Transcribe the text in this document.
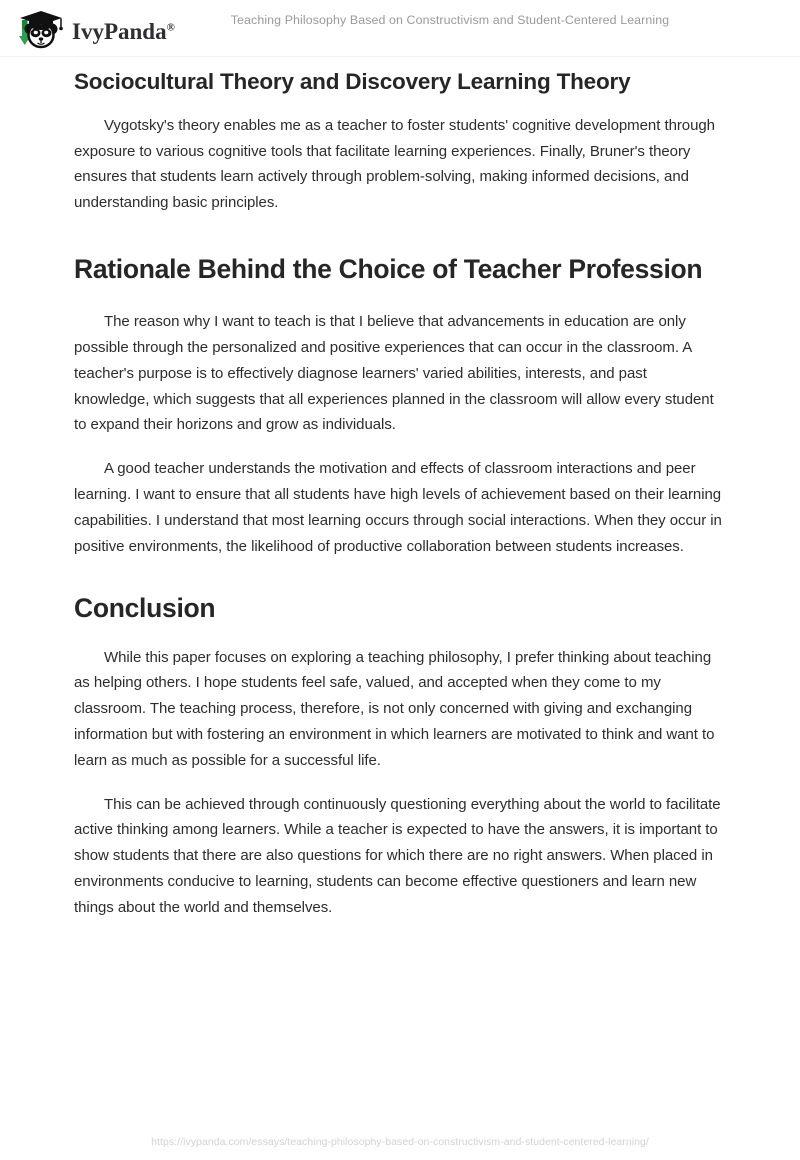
IvyPanda®	Teaching Philosophy Based on Constructivism and Student-Centered Learning
Sociocultural Theory and Discovery Learning Theory

Vygotsky's theory enables me as a teacher to foster students' cognitive development through exposure to various cognitive tools that facilitate learning experiences. Finally, Bruner's theory ensures that students learn actively through problem-solving, making informed decisions, and understanding basic principles.

Rationale Behind the Choice of Teacher Profession

The reason why I want to teach is that I believe that advancements in education are only possible through the personalized and positive experiences that can occur in the classroom. A teacher's purpose is to effectively diagnose learners' varied abilities, interests, and past knowledge, which suggests that all experiences planned in the classroom will allow every student to expand their horizons and grow as individuals.

A good teacher understands the motivation and effects of classroom interactions and peer learning. I want to ensure that all students have high levels of achievement based on their learning capabilities. I understand that most learning occurs through social interactions. When they occur in positive environments, the likelihood of productive collaboration between students increases.

Conclusion

While this paper focuses on exploring a teaching philosophy, I prefer thinking about teaching as helping others. I hope students feel safe, valued, and accepted when they come to my classroom. The teaching process, therefore, is not only concerned with giving and exchanging information but with fostering an environment in which learners are motivated to think and want to learn as much as possible for a successful life.

This can be achieved through continuously questioning everything about the world to facilitate active thinking among learners. While a teacher is expected to have the answers, it is important to show students that there are also questions for which there are no right answers. When placed in environments conducive to learning, students can become effective questioners and learn new things about the world and themselves.

https://ivypanda.com/essays/teaching-philosophy-based-on-constructivism-and-student-centered-learning/
